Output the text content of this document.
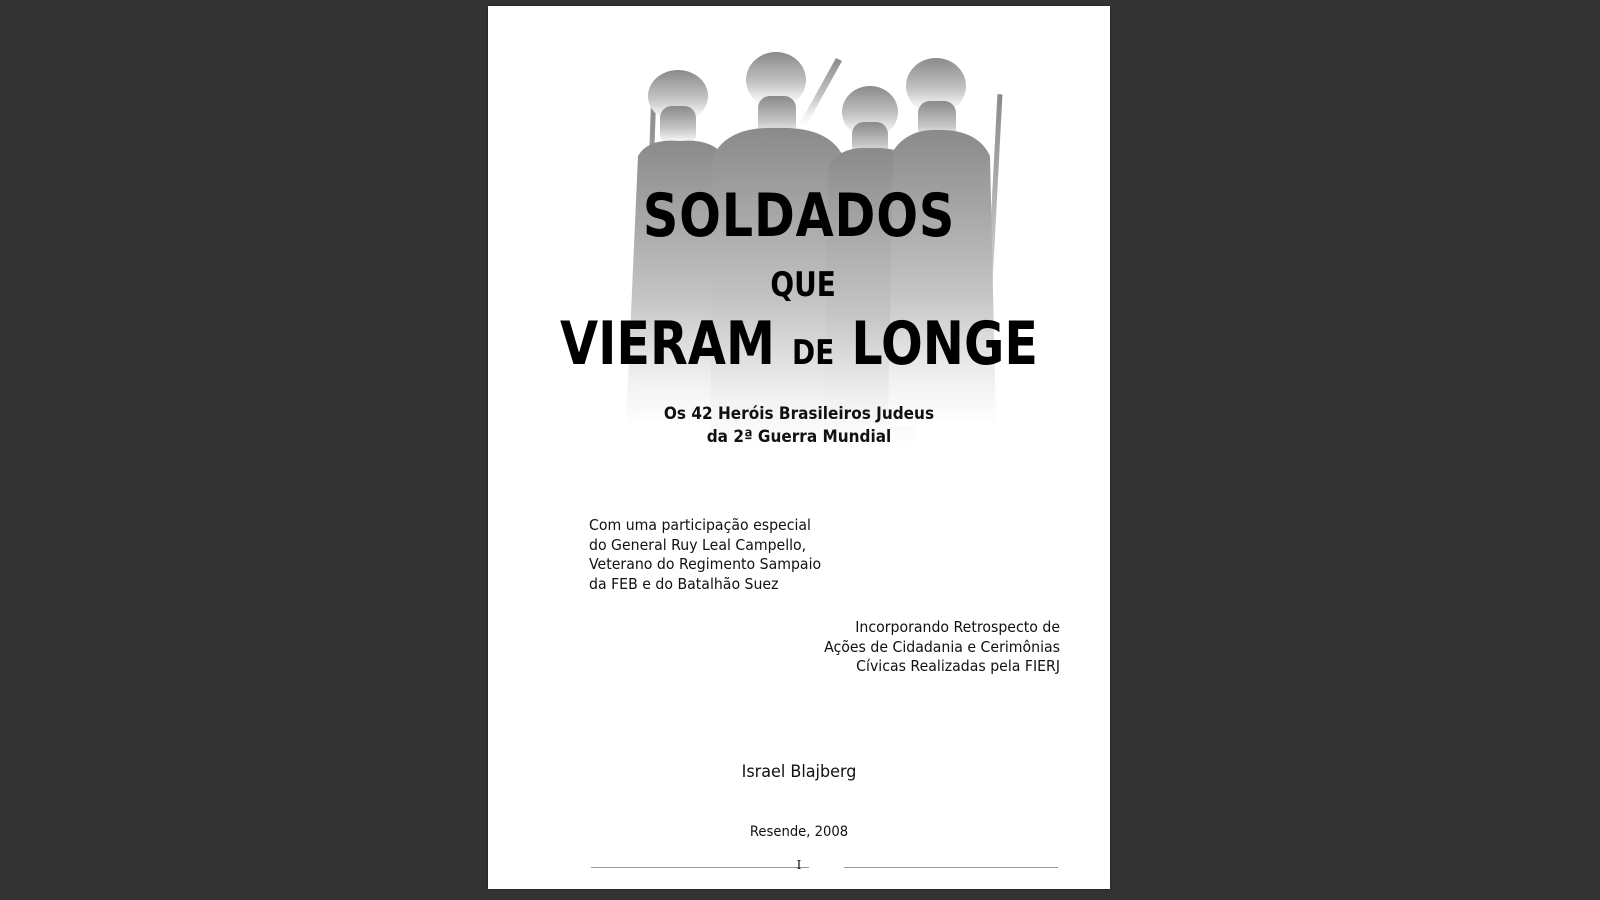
SOLDADOS
QUE
VIERAM DE LONGE
Os 42 Heróis Brasileiros Judeus
da 2ª Guerra Mundial
Com uma participação especial
do General Ruy Leal Campello,
Veterano do Regimento Sampaio
da FEB e do Batalhão Suez
Incorporando Retrospecto de
Ações de Cidadania e Cerimônias
Cívicas Realizadas pela FIERJ
Israel Blajberg
Resende, 2008
I
